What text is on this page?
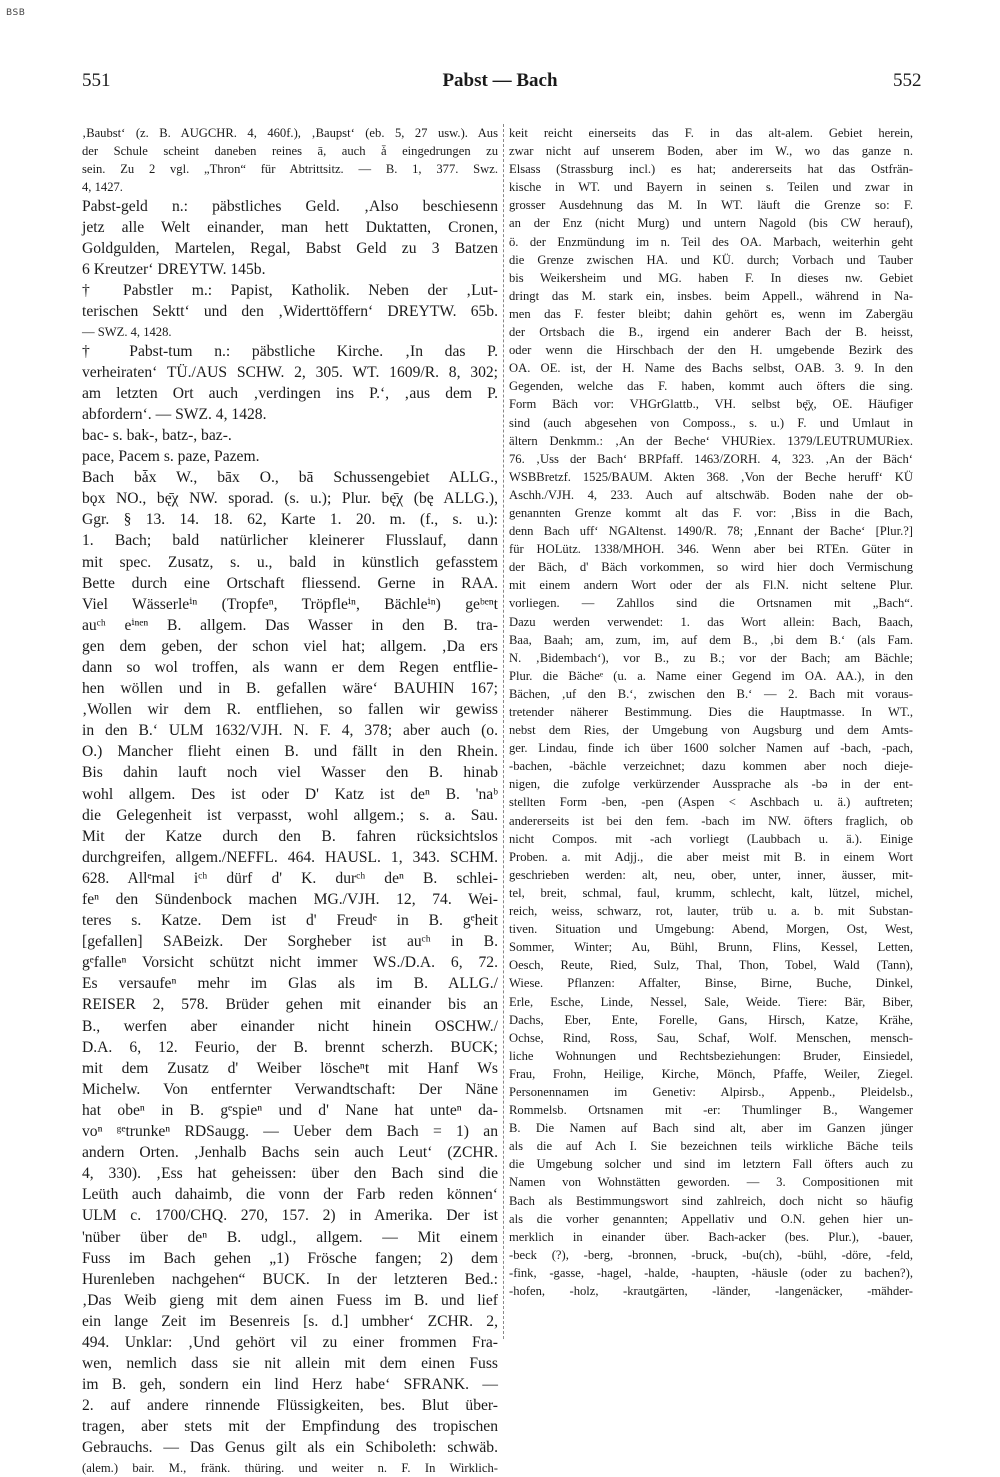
BSB
551	Pabst — Bach	552
‚Baubst‘ (z. B. AUGCHR. 4, 460f.), ‚Baupst‘ (eb. 5, 27 usw.). Aus
der Schule scheint daneben reines ā, auch ǡ eingedrungen zu
sein. Zu 2 vgl. „Thron“ für Abtrittsitz. — B. 1, 377. Swz.
4, 1427.
Pabst-geld n.: päbstliches Geld. ‚Also beschiesenn
jetz alle Welt einander, man hett Duktatten, Cronen,
Goldgulden, Martelen, Regal, Babst Geld zu 3 Batzen
6 Kreutzer‘ DREYTW. 145b.
† Pabstler m.: Papist, Katholik. Neben der ‚Lut-
terischen Sektt‘ und den ‚Widerttöffern‘ DREYTW. 65b.
— SWZ. 4, 1428.
† Pabst-tum n.: päbstliche Kirche. ‚In das P.
verheiraten‘ TÜ./AUS SCHW. 2, 305. WT. 1609/R. 8, 302;
am letzten Ort auch ‚verdingen ins P.‘, ‚aus dem P.
abfordern‘. — SWZ. 4, 1428.
bac- s. bak-, batz-, baz-.
pace, Pacem s. paze, Pazem.
Bach bǡx W., bāx O., bā Schussengebiet ALLG.,
bǫx NO., bę̄χ NW. sporad. (s. u.); Plur. bę̄χ (bę ALLG.),
Ggr. § 13. 14. 18. 62, Karte 1. 20. m. (f., s. u.):
1. Bach; bald natürlicher kleinerer Flusslauf, dann
mit spec. Zusatz, s. u., bald in künstlich gefasstem
Bette durch eine Ortschaft fliessend. Gerne in RAA.
Viel Wässerleⁱⁿ (Tropfeⁿ, Tröpfleⁱⁿ, Bächleⁱⁿ) geᵇᵉⁿt
auᶜʰ eⁱⁿᵉⁿ B. allgem. Das Wasser in den B. tra-
gen dem geben, der schon viel hat; allgem. ‚Da ers
dann so wol troffen, als wann er dem Regen entflie-
hen wöllen und in B. gefallen wäre‘ BAUHIN 167;
‚Wollen wir dem R. entfliehen, so fallen wir gewiss
in den B.‘ ULM 1632/VJH. N. F. 4, 378; aber auch (o.
O.) Mancher flieht einen B. und fällt in den Rhein.
Bis dahin lauft noch viel Wasser den B. hinab
wohl allgem. Des ist oder D' Katz ist deⁿ B. 'naᵇ
die Gelegenheit ist verpasst, wohl allgem.; s. a. Sau.
Mit der Katze durch den B. fahren rücksichtslos
durchgreifen, allgem./NEFFL. 464. HAUSL. 1, 343. SCHM.
628. Allᵉmal iᶜʰ dürf d' K. durᶜʰ deⁿ B. schlei-
feⁿ den Sündenbock machen MG./VJH. 12, 74. Wei-
teres s. Katze. Dem ist d' Freudᵉ in B. gᵉheit
[gefallen] SABeizk. Der Sorgheber ist auᶜʰ in B.
gᵉfalleⁿ Vorsicht schützt nicht immer WS./D.A. 6, 72.
Es versaufeⁿ mehr im Glas als im B. ALLG./
REISER 2, 578. Brüder gehen mit einander bis an
B., werfen aber einander nicht hinein OSCHW./
D.A. 6, 12. Feurio, der B. brennt scherzh. BUCK;
mit dem Zusatz d' Weiber löscheⁿt mit Hanf Ws
Michelw. Von entfernter Verwandtschaft: Der Näne
hat obeⁿ in B. gᵉspieⁿ und d' Nane hat unteⁿ da-
voⁿ ᵍᵉtrunkeⁿ RDSaugg. — Ueber dem Bach = 1) an
andern Orten. ‚Jenhalb Bachs sein auch Leut‘ (ZCHR.
4, 330). ‚Ess hat geheissen: über den Bach sind die
Leüth auch dahaimb, die vonn der Farb reden können‘
ULM c. 1700/CHQ. 270, 157. 2) in Amerika. Der ist
'nüber über deⁿ B. udgl., allgem. — Mit einem
Fuss im Bach gehen „1) Frösche fangen; 2) dem
Hurenleben nachgehen“ BUCK. In der letzteren Bed.:
‚Das Weib gieng mit dem ainen Fuess im B. und lief
ein lange Zeit im Besenreis [s. d.] umbher‘ ZCHR. 2,
494. Unklar: ‚Und gehört vil zu einer frommen Fra-
wen, nemlich dass sie nit allein mit dem einen Fuss
im B. geh, sondern ein lind Herz habe‘ SFRANK. —
2. auf andere rinnende Flüssigkeiten, bes. Blut über-
tragen, aber stets mit der Empfindung des tropischen
Gebrauchs. — Das Genus gilt als ein Schiboleth: schwäb.
(alem.) bair. M., fränk. thüring. und weiter n. F. In Wirklich-
keit reicht einerseits das F. in das alt-alem. Gebiet herein,
zwar nicht auf unserem Boden, aber im W., wo das ganze n.
Elsass (Strassburg incl.) es hat; andererseits hat das Ostfrän-
kische in WT. und Bayern in seinen s. Teilen und zwar in
grosser Ausdehnung das M. In WT. läuft die Grenze so: F.
an der Enz (nicht Murg) und untern Nagold (bis CW herauf),
ö. der Enzmündung im n. Teil des OA. Marbach, weiterhin geht
die Grenze zwischen HA. und KÜ. durch; Vorbach und Tauber
bis Weikersheim und MG. haben F. In dieses nw. Gebiet
dringt das M. stark ein, insbes. beim Appell., während in Na-
men das F. fester bleibt; dahin gehört es, wenn im Zabergäu
der Ortsbach die B., irgend ein anderer Bach der B. heisst,
oder wenn die Hirschbach der den H. umgebende Bezirk des
OA. OE. ist, der H. Name des Bachs selbst, OAB. 3. 9. In den
Gegenden, welche das F. haben, kommt auch öfters die sing.
Form Bäch vor: VHGrGlattb., VH. selbst bę̄χ, OE. Häufiger
sind (auch abgesehen von Composs., s. u.) F. und Umlaut in
ältern Denkmm.: ‚An der Beche‘ VHURiex. 1379/LEUTRUMURiex.
76. ‚Uss der Bach‘ BRPfaff. 1463/ZORH. 4, 323. ‚An der Bäch‘
WSBBretzf. 1525/BAUM. Akten 368. ‚Von der Beche heruff‘ KÜ
Aschh./VJH. 4, 233. Auch auf altschwäb. Boden nahe der ob-
genannten Grenze kommt alt das F. vor: ‚Biss in die Bach,
denn Bach uff‘ NGAltenst. 1490/R. 78; ‚Ennant der Bache‘ [Plur.?]
für HOLütz. 1338/MHOH. 346. Wenn aber bei RTEn. Güter in
der Bäch, d' Bäch vorkommen, so wird hier doch Vermischung
mit einem andern Wort oder der als Fl.N. nicht seltene Plur.
vorliegen. — Zahllos sind die Ortsnamen mit „Bach“.
Dazu werden verwendet: 1. das Wort allein: Bach, Baach,
Baa, Baah; am, zum, im, auf dem B., ‚bi dem B.‘ (als Fam.
N. ‚Bidembach‘), vor B., zu B.; vor der Bach; am Bächle;
Plur. die Bächeᵉ (u. a. Name einer Gegend im OA. AA.), in den
Bächen, ‚uf den B.‘, zwischen den B.‘ — 2. Bach mit voraus-
tretender näherer Bestimmung. Dies die Hauptmasse. In WT.,
nebst dem Ries, der Umgebung von Augsburg und dem Amts-
ger. Lindau, finde ich über 1600 solcher Namen auf -bach, -pach,
-bachen, -bächle verzeichnet; dazu kommen aber noch dieje-
nigen, die zufolge verkürzender Aussprache als -bə in der ent-
stellten Form -ben, -pen (Aspen < Aschbach u. ä.) auftreten;
andererseits ist bei den fem. -bach im NW. öfters fraglich, ob
nicht Compos. mit -ach vorliegt (Laubbach u. ä.). Einige
Proben. a. mit Adjj., die aber meist mit B. in einem Wort
geschrieben werden: alt, neu, ober, unter, inner, äusser, mit-
tel, breit, schmal, faul, krumm, schlecht, kalt, lützel, michel,
reich, weiss, schwarz, rot, lauter, trüb u. a. b. mit Substan-
tiven. Situation und Umgebung: Abend, Morgen, Ost, West,
Sommer, Winter; Au, Bühl, Brunn, Flins, Kessel, Letten,
Oesch, Reute, Ried, Sulz, Thal, Thon, Tobel, Wald (Tann),
Wiese. Pflanzen: Affalter, Binse, Birne, Buche, Dinkel,
Erle, Esche, Linde, Nessel, Sale, Weide. Tiere: Bär, Biber,
Dachs, Eber, Ente, Forelle, Gans, Hirsch, Katze, Krähe,
Ochse, Rind, Ross, Sau, Schaf, Wolf. Menschen, mensch-
liche Wohnungen und Rechtsbeziehungen: Bruder, Einsiedel,
Frau, Frohn, Heilige, Kirche, Mönch, Pfaffe, Weiler, Ziegel.
Personennamen im Genetiv: Alpirsb., Appenb., Pleidelsb.,
Rommelsb. Ortsnamen mit -er: Thumlinger B., Wangemer
B. Die Namen auf Bach sind alt, aber im Ganzen jünger
als die auf Ach I. Sie bezeichnen teils wirkliche Bäche teils
die Umgebung solcher und sind im letztern Fall öfters auch zu
Namen von Wohnstätten geworden. — 3. Compositionen mit
Bach als Bestimmungswort sind zahlreich, doch nicht so häufig
als die vorher genannten; Appellativ und O.N. gehen hier un-
merklich in einander über. Bach-acker (bes. Plur.), -bauer,
-beck (?), -berg, -bronnen, -bruck, -bu(ch), -bühl, -döre, -feld,
-fink, -gasse, -hagel, -halde, -haupten, -häusle (oder zu bachen?),
-hofen, -holz, -krautgärten, -länder, -langenäcker, -mähder-
